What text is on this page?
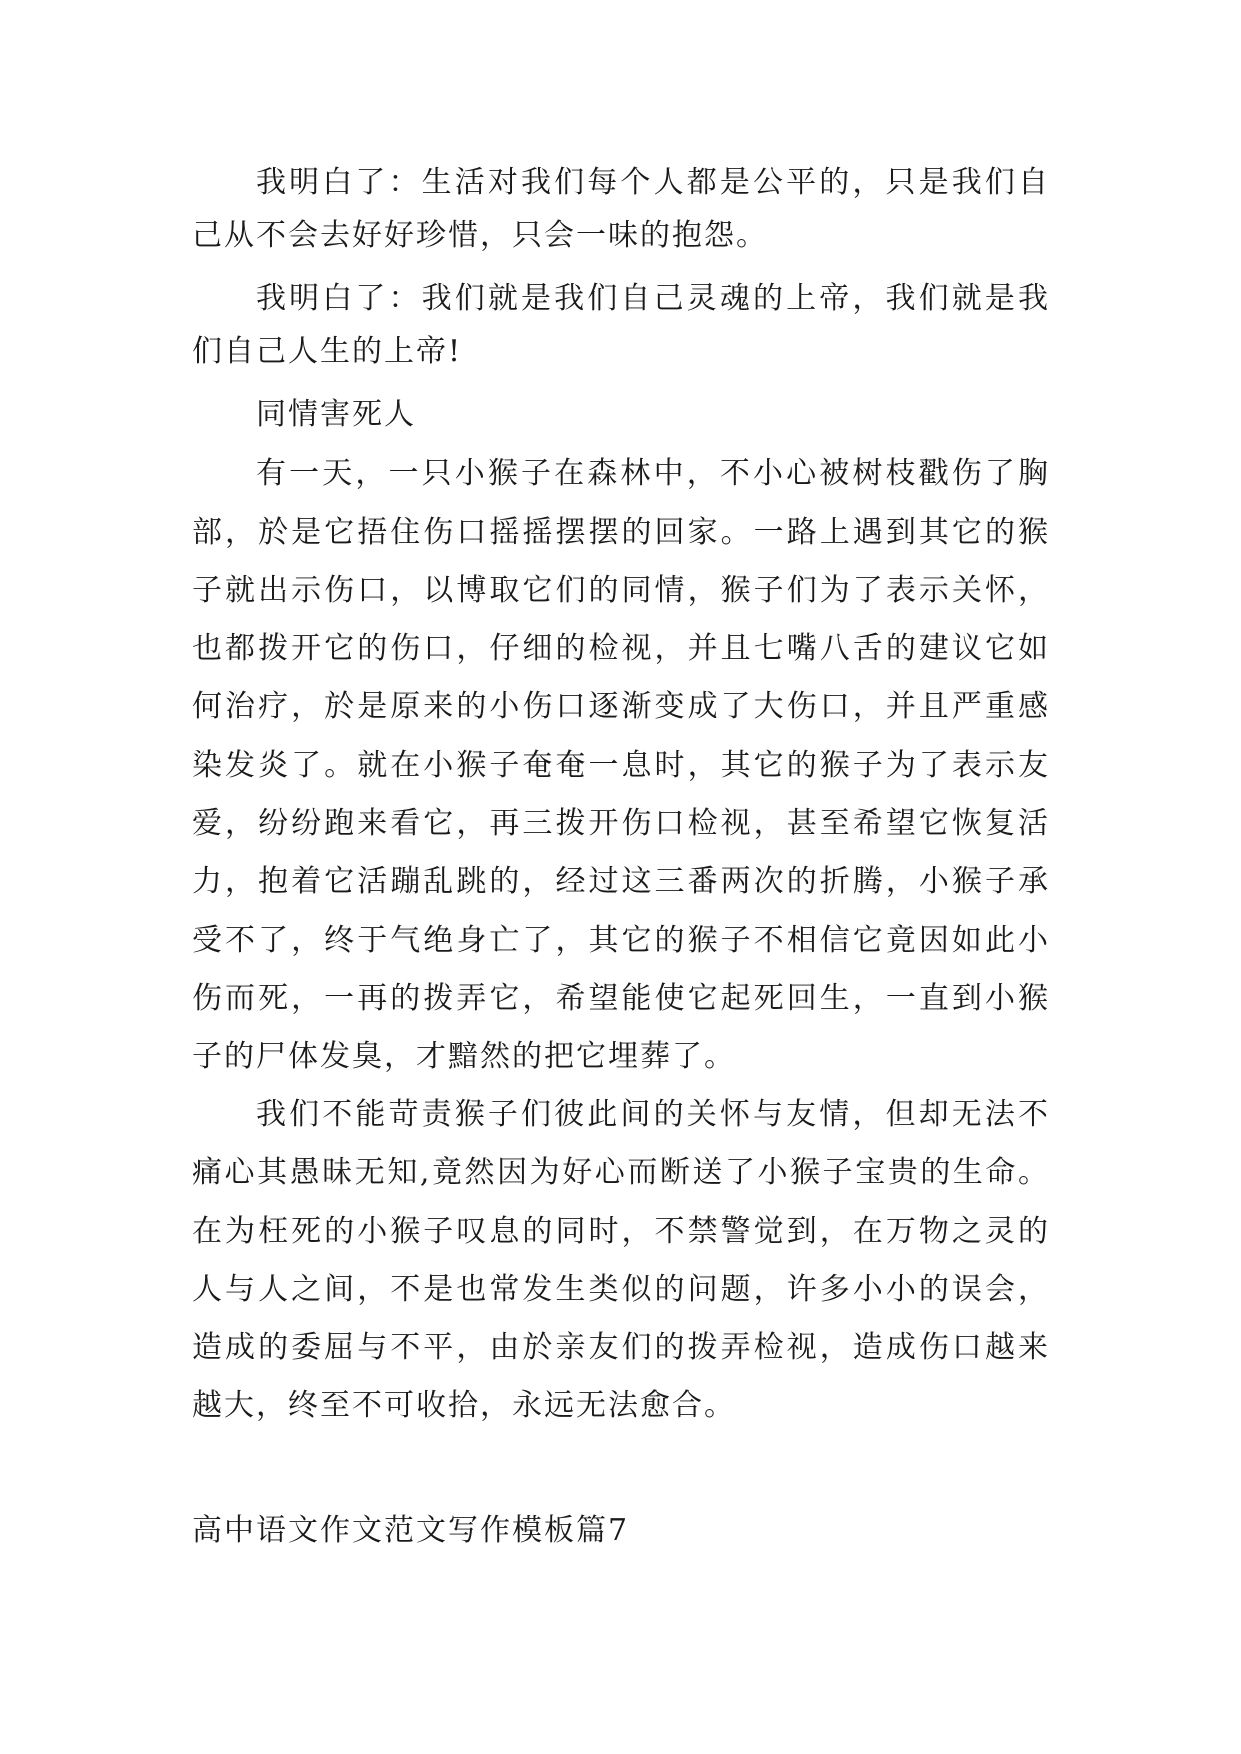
我明白了：生活对我们每个人都是公平的，只是我们自
己从不会去好好珍惜，只会一味的抱怨。
我明白了：我们就是我们自己灵魂的上帝，我们就是我
们自己人生的上帝!
同情害死人
有一天，一只小猴子在森林中，不小心被树枝戳伤了胸
部，於是它捂住伤口摇摇摆摆的回家。一路上遇到其它的猴
子就出示伤口，以博取它们的同情，猴子们为了表示关怀，
也都拨开它的伤口，仔细的检视，并且七嘴八舌的建议它如
何治疗，於是原来的小伤口逐渐变成了大伤口，并且严重感
染发炎了。就在小猴子奄奄一息时，其它的猴子为了表示友
爱，纷纷跑来看它，再三拨开伤口检视，甚至希望它恢复活
力，抱着它活蹦乱跳的，经过这三番两次的折腾，小猴子承
受不了，终于气绝身亡了，其它的猴子不相信它竟因如此小
伤而死，一再的拨弄它，希望能使它起死回生，一直到小猴
子的尸体发臭，才黯然的把它埋葬了。
我们不能苛责猴子们彼此间的关怀与友情，但却无法不
痛心其愚昧无知,竟然因为好心而断送了小猴子宝贵的生命。
在为枉死的小猴子叹息的同时，不禁警觉到，在万物之灵的
人与人之间，不是也常发生类似的问题，许多小小的误会，
造成的委屈与不平，由於亲友们的拨弄检视，造成伤口越来
越大，终至不可收拾，永远无法愈合。
高中语文作文范文写作模板篇7
